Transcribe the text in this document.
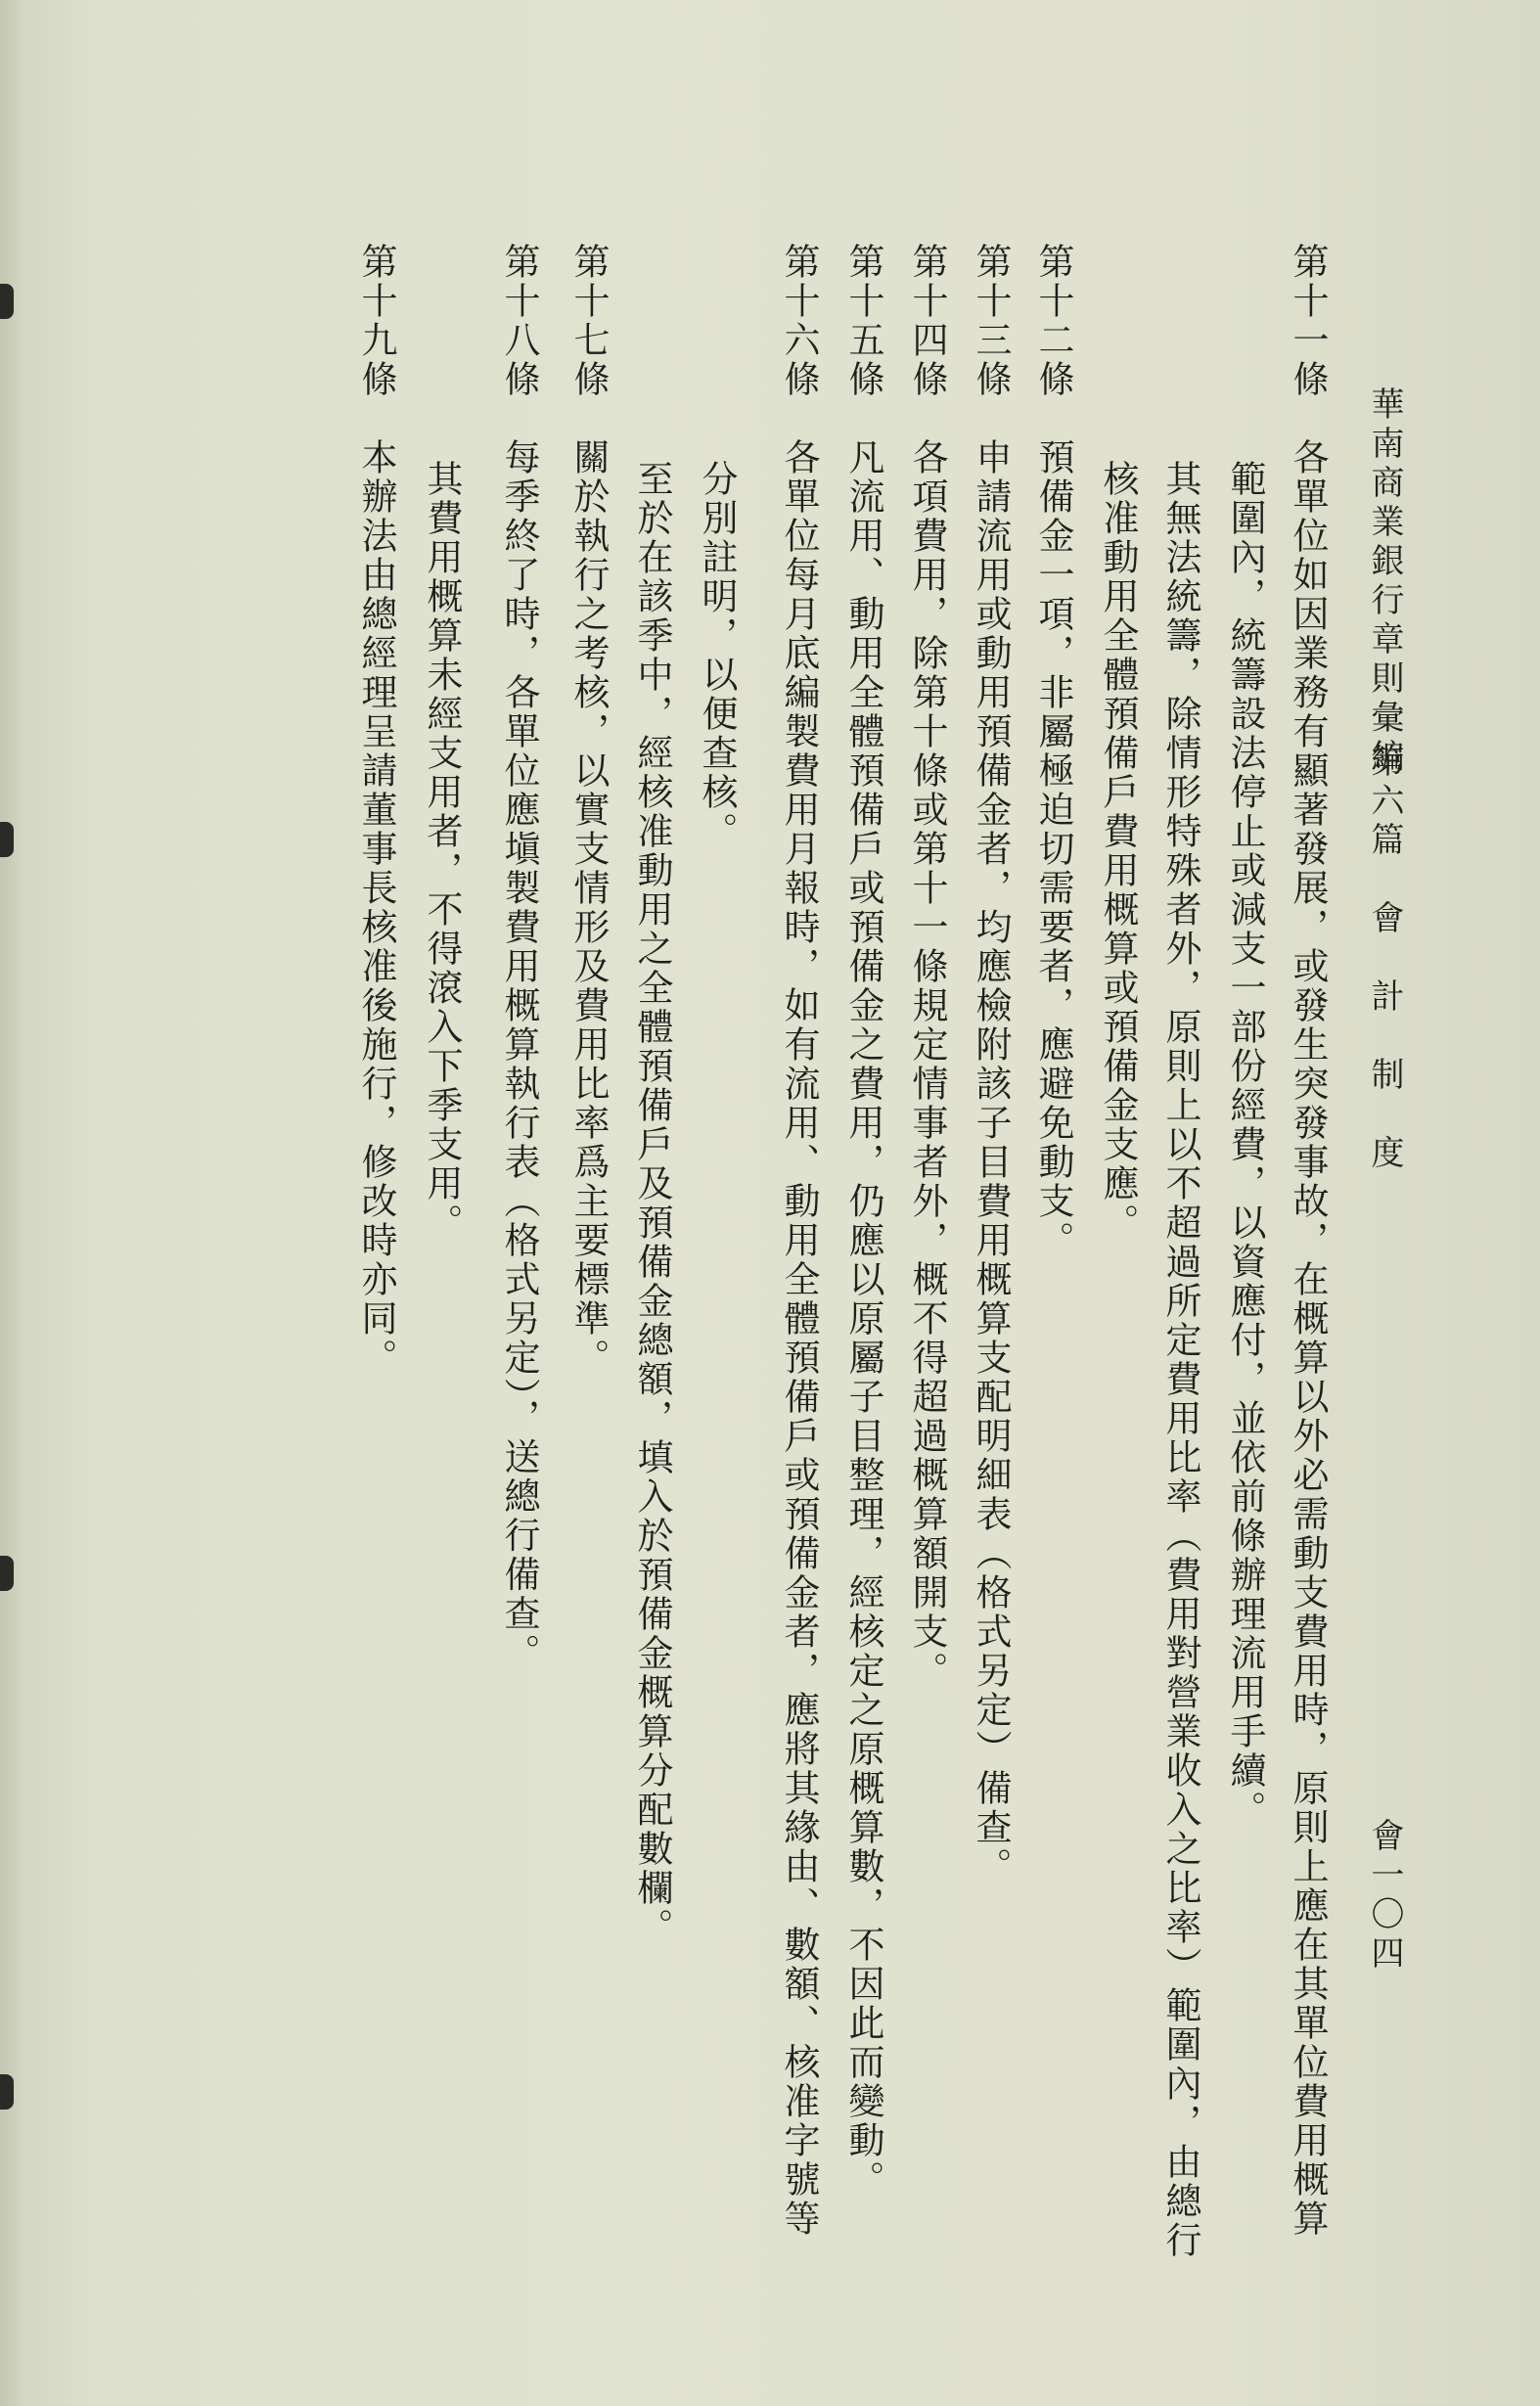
華南商業銀行章則彙編
第六篇　會　計　制　度
會一〇四
第十一條　各單位如因業務有顯著發展，或發生突發事故，在概算以外必需動支費用時，原則上應在其單位費用概算
範圍內，統籌設法停止或減支一部份經費，以資應付，並依前條辦理流用手續。
其無法統籌，除情形特殊者外，原則上以不超過所定費用比率（費用對營業收入之比率）範圍內，由總行
核准動用全體預備戶費用概算或預備金支應。
第十二條　預備金一項，非屬極迫切需要者，應避免動支。
第十三條　申請流用或動用預備金者，均應檢附該子目費用概算支配明細表（格式另定）備查。
第十四條　各項費用，除第十條或第十一條規定情事者外，概不得超過概算額開支。
第十五條　凡流用、動用全體預備戶或預備金之費用，仍應以原屬子目整理，經核定之原概算數，不因此而變動。
第十六條　各單位每月底編製費用月報時，如有流用、動用全體預備戶或預備金者，應將其緣由、數額、核准字號等
分別註明，以便查核。
至於在該季中，經核准動用之全體預備戶及預備金總額，填入於預備金概算分配數欄。
第十七條　關於執行之考核，以實支情形及費用比率爲主要標準。
第十八條　每季終了時，各單位應塡製費用概算執行表（格式另定），送總行備查。
其費用概算未經支用者，不得滾入下季支用。
第十九條　本辦法由總經理呈請董事長核准後施行，修改時亦同。
